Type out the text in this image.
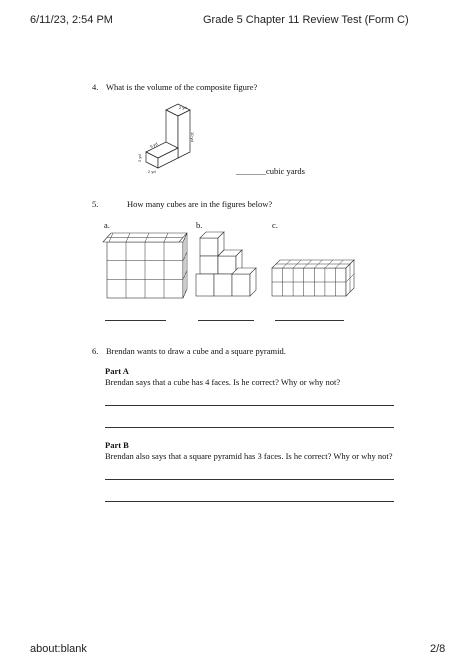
6/11/23, 2:54 PM	Grade 5 Chapter 11 Review Test (Form C)
4. What is the volume of the composite figure?
2 yd
10 yd
6 yd
2 yd
2 yd	_______ cubic yards
5.	How many cubes are in the figures below?
a.	b.	c.
6. Brendan wants to draw a cube and a square pyramid.
Part A
Brendan says that a cube has 4 faces. Is he correct? Why or why not?
Part B
Brendan also says that a square pyramid has 3 faces. Is he correct? Why or why not?
about:blank	2/8
